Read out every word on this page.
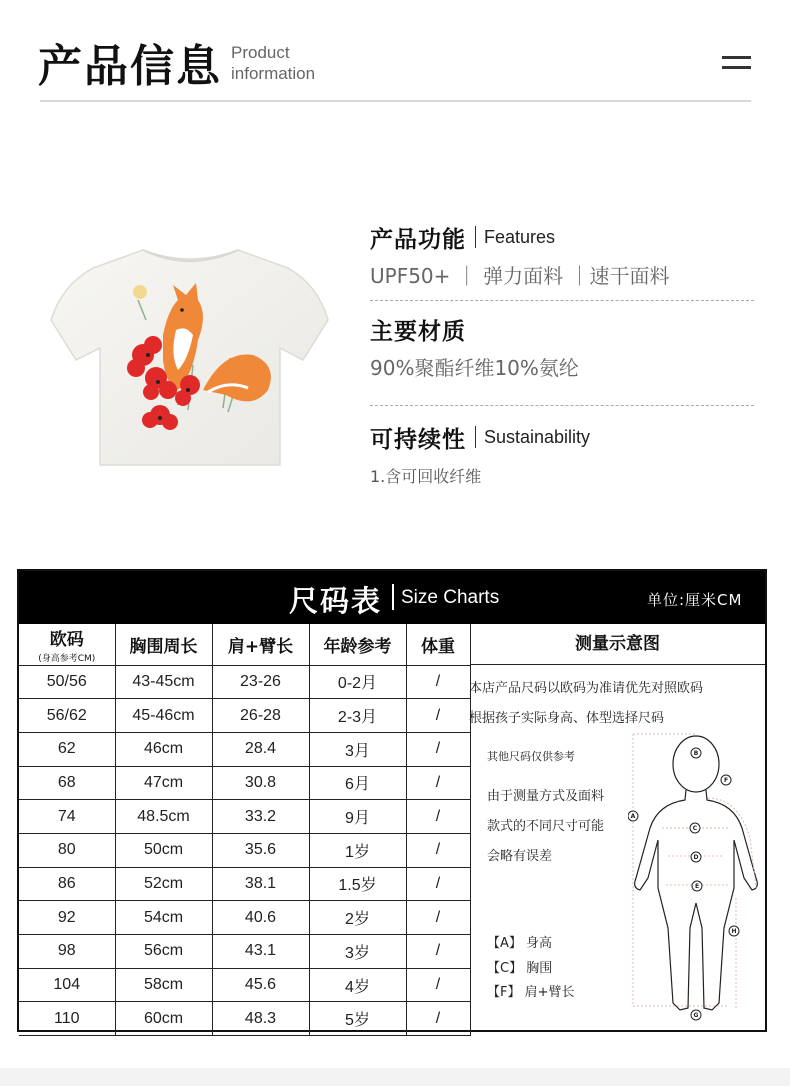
产品信息 Product
information
产品功能 Features
UPF50+ ｜ 弹力面料 ｜速干面料
主要材质
90%聚酯纤维10%氨纶
可持续性 Sustainability
1.含可回收纤维
尺码表 Size Charts	单位:厘米CM
欧码
(身高参考CM)	胸围周长	肩+臂长	年龄参考	体重
50/56	43-45cm	23-26	0-2月	/
56/62	45-46cm	26-28	2-3月	/
62	46cm	28.4	3月	/
68	47cm	30.8	6月	/
74	48.5cm	33.2	9月	/
80	50cm	35.6	1岁	/
86	52cm	38.1	1.5岁	/
92	54cm	40.6	2岁	/
98	56cm	43.1	3岁	/
104	58cm	45.6	4岁	/
110	60cm	48.3	5岁	/
测量示意图
本店产品尺码以欧码为准请优先对照欧码
根据孩子实际身高、体型选择尺码
其他尺码仅供参考
由于测量方式及面料
款式的不同尺寸可能
会略有误差
【A】 身高
【C】 胸围
【F】 肩+臂长
A
B
C
D
E
F
G
H
